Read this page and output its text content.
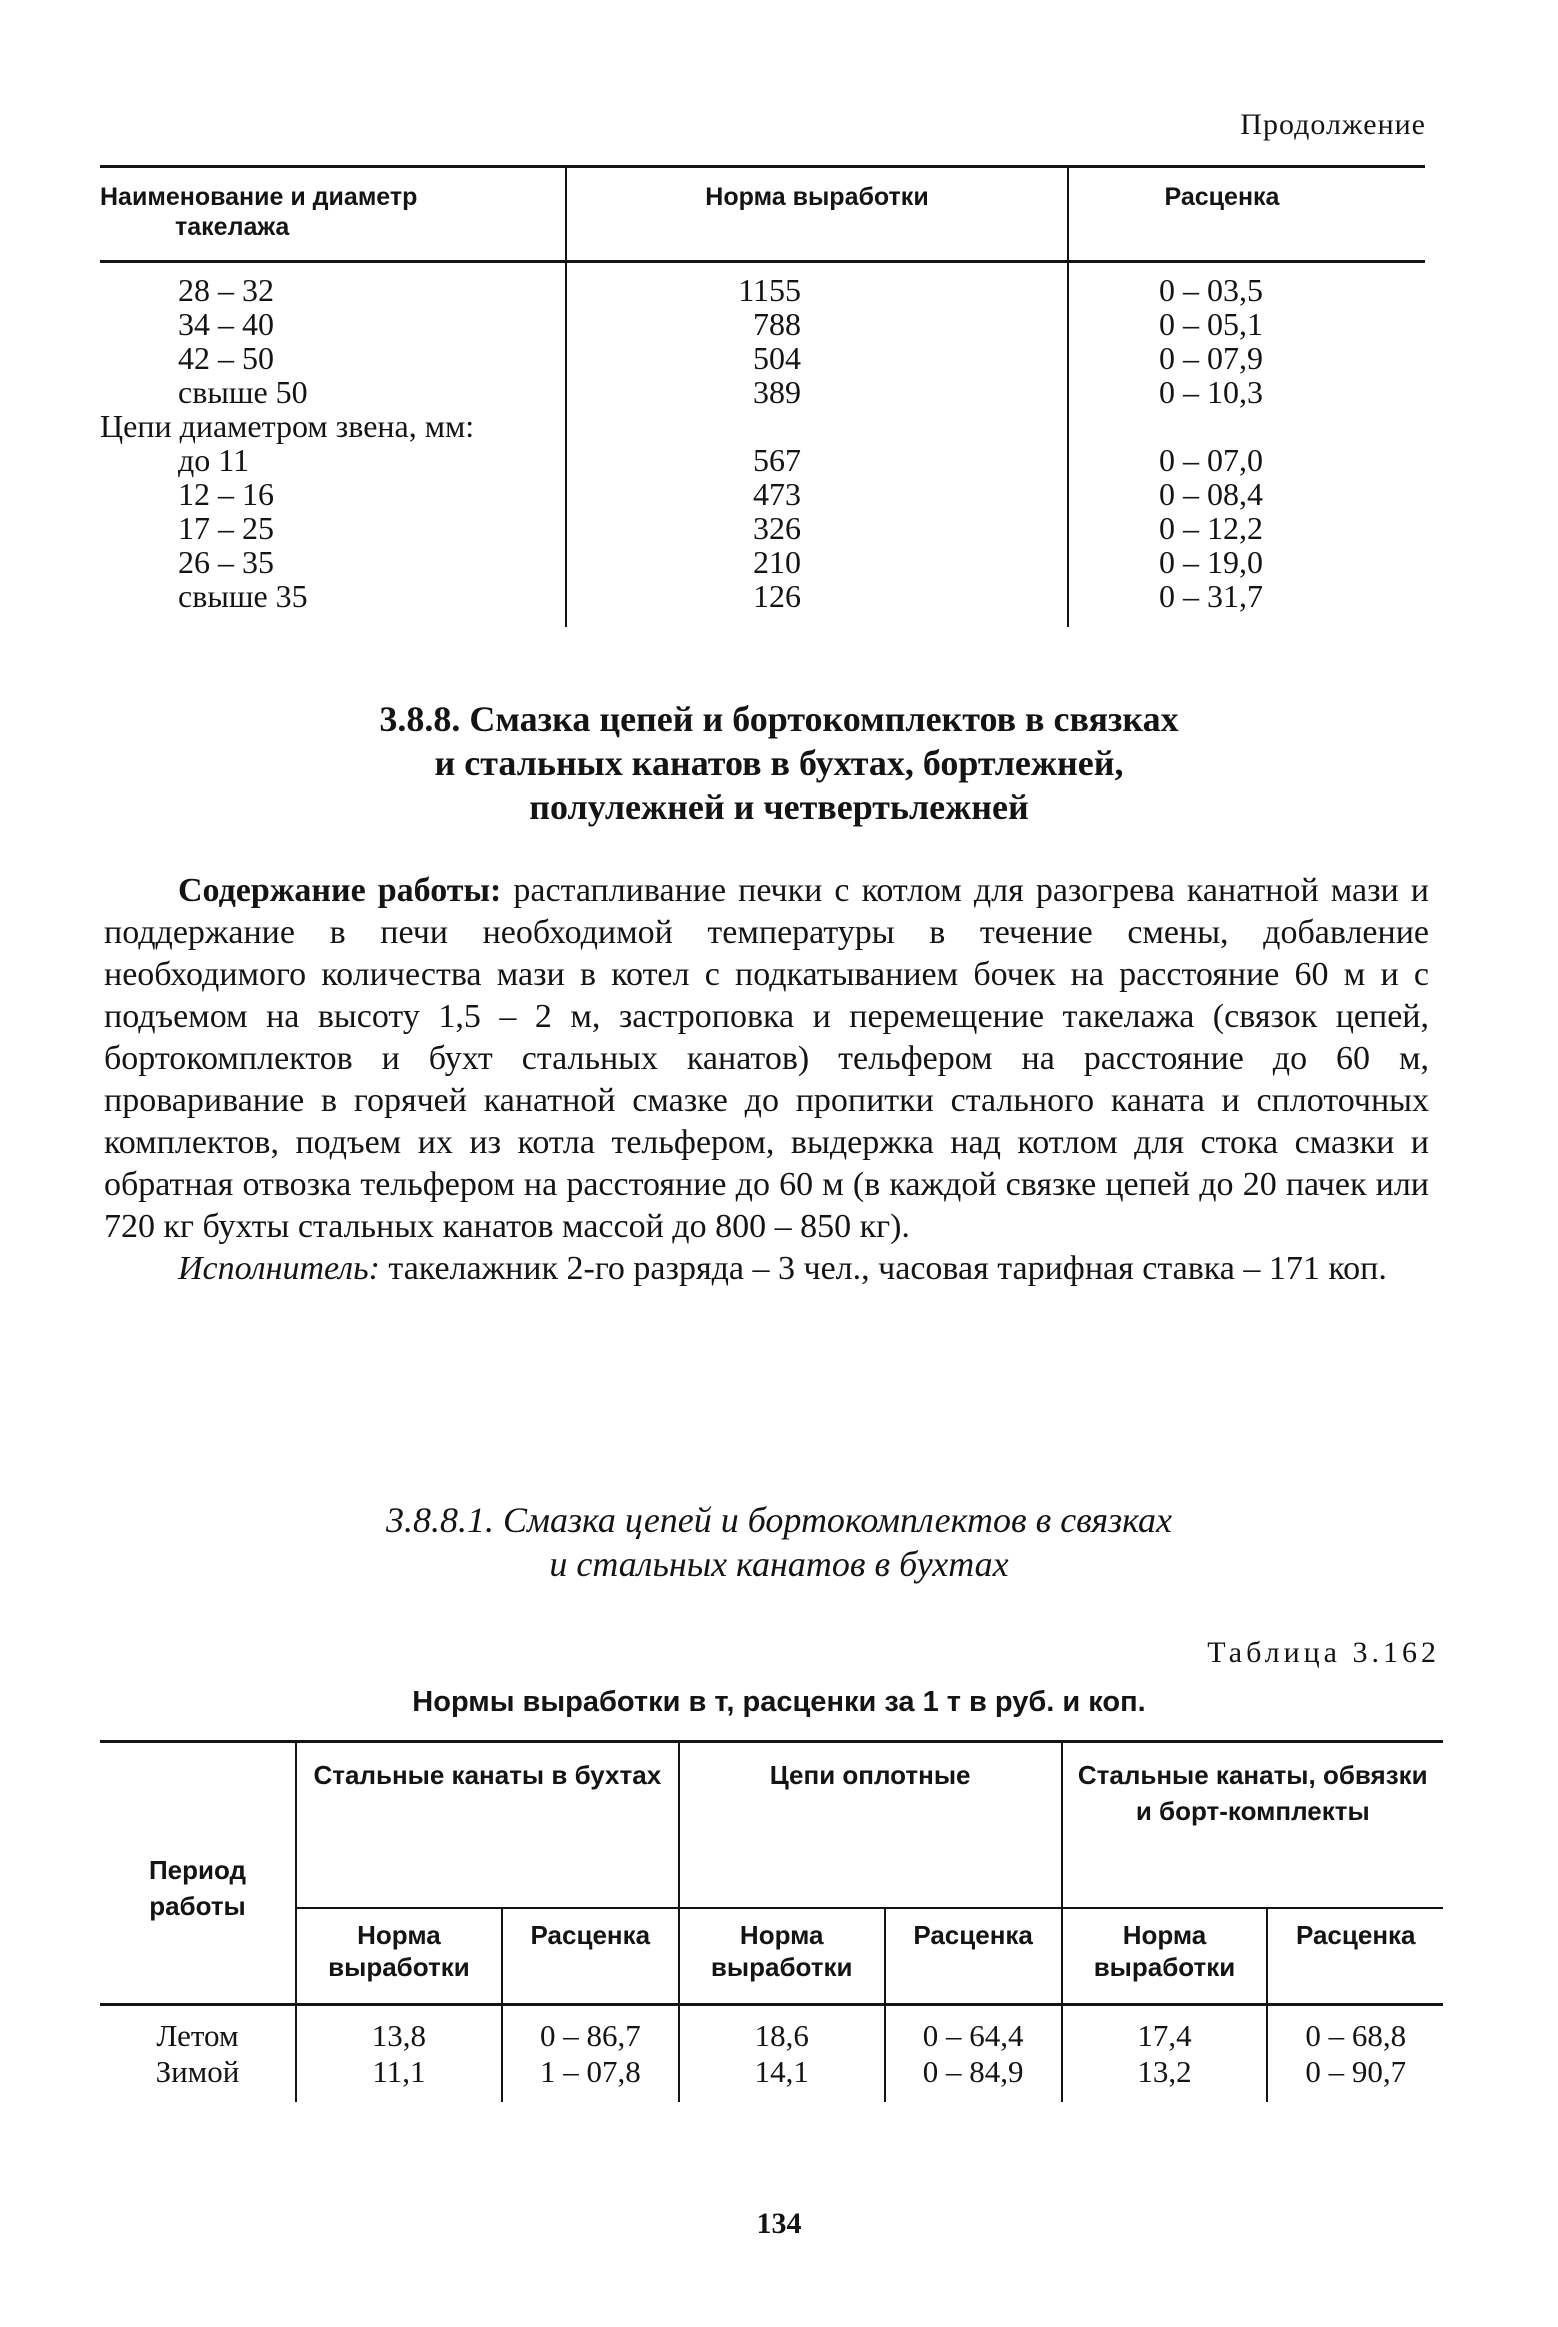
Продолжение
Наименование и диаметр
такелажа	Норма выработки	Расценка
28 – 32	1155	0 – 03,5
34 – 40	788	0 – 05,1
42 – 50	504	0 – 07,9
свыше 50	389	0 – 10,3
Цепи диаметром звена, мм:		
до 11	567	0 – 07,0
12 – 16	473	0 – 08,4
17 – 25	326	0 – 12,2
26 – 35	210	0 – 19,0
свыше 35	126	0 – 31,7
3.8.8. Смазка цепей и бортокомплектов в связках
и стальных канатов в бухтах, бортлежней,
полулежней и четвертьлежней

Содержание работы: растапливание печки с котлом для разогрева канатной мази и поддержание в печи необходимой температуры в течение смены, добавление необходимого количества мази в котел с подкатыванием бочек на расстояние 60 м и с подъемом на высоту 1,5 – 2 м, застроповка и перемещение такелажа (связок цепей, бортокомплектов и бухт стальных канатов) тельфером на расстояние до 60 м, проваривание в горячей канатной смазке до пропитки стального каната и сплоточных комплектов, подъем их из котла тельфером, выдержка над котлом для стока смазки и обратная отвозка тельфером на расстояние до 60 м (в каждой связке цепей до 20 пачек или 720 кг бухты стальных канатов массой до 800 – 850 кг).

Исполнитель: такелажник 2-го разряда – 3 чел., часовая тарифная ставка – 171 коп.

3.8.8.1. Смазка цепей и бортокомплектов в связках
и стальных канатов в бухтах
Таблица 3.162
Нормы выработки в т, расценки за 1 т в руб. и коп.
Период работы	Стальные канаты в бухтах		Цепи оплотные		Стальные канаты, обвязки и борт-комплекты	
	Норма выработки	Расценка	Норма выработки	Расценка	Норма выработки	Расценка
Летом	13,8	0 – 86,7	18,6	0 – 64,4	17,4	0 – 68,8
Зимой	11,1	1 – 07,8	14,1	0 – 84,9	13,2	0 – 90,7
134
